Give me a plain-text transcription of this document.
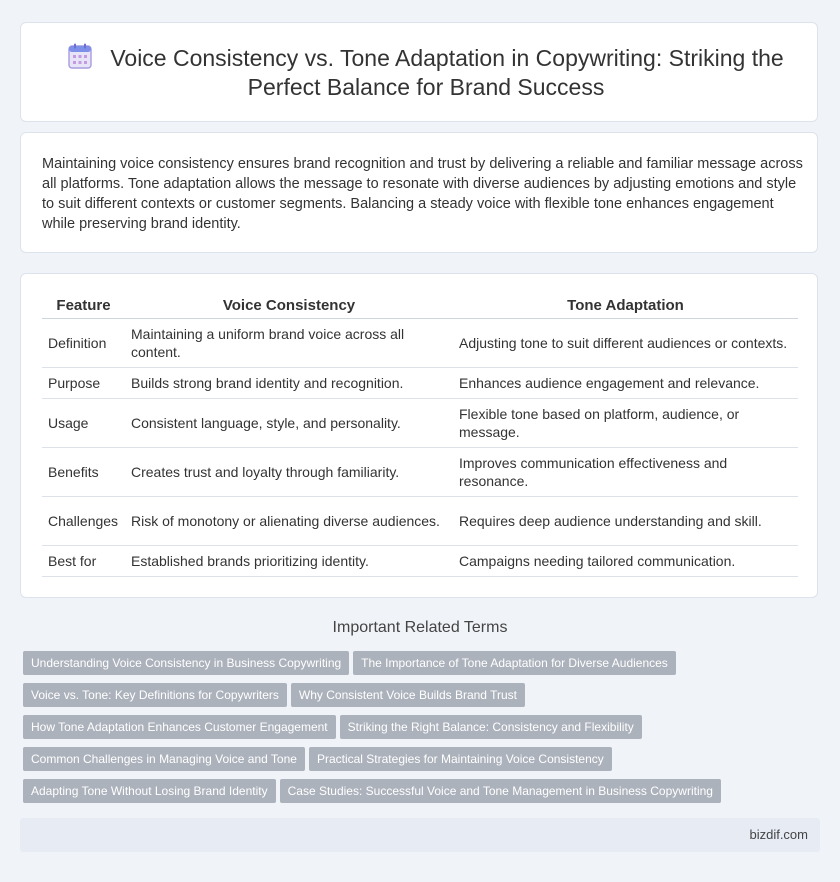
Voice Consistency vs. Tone Adaptation in Copywriting: Striking the Perfect Balance for Brand Success

Maintaining voice consistency ensures brand recognition and trust by delivering a reliable and familiar message across all platforms. Tone adaptation allows the message to resonate with diverse audiences by adjusting emotions and style to suit different contexts or customer segments. Balancing a steady voice with flexible tone enhances engagement while preserving brand identity.

Feature	Voice Consistency	Tone Adaptation
Definition	Maintaining a uniform brand voice across all content.	Adjusting tone to suit different audiences or contexts.
Purpose	Builds strong brand identity and recognition.	Enhances audience engagement and relevance.
Usage	Consistent language, style, and personality.	Flexible tone based on platform, audience, or message.
Benefits	Creates trust and loyalty through familiarity.	Improves communication effectiveness and resonance.
Challenges	Risk of monotony or alienating diverse audiences.	Requires deep audience understanding and skill.
Best for	Established brands prioritizing identity.	Campaigns needing tailored communication.
Important Related Terms
Understanding Voice Consistency in Business Copywriting The Importance of Tone Adaptation for Diverse Audiences
Voice vs. Tone: Key Definitions for Copywriters Why Consistent Voice Builds Brand Trust
How Tone Adaptation Enhances Customer Engagement Striking the Right Balance: Consistency and Flexibility
Common Challenges in Managing Voice and Tone Practical Strategies for Maintaining Voice Consistency
Adapting Tone Without Losing Brand Identity Case Studies: Successful Voice and Tone Management in Business Copywriting
bizdif.com
